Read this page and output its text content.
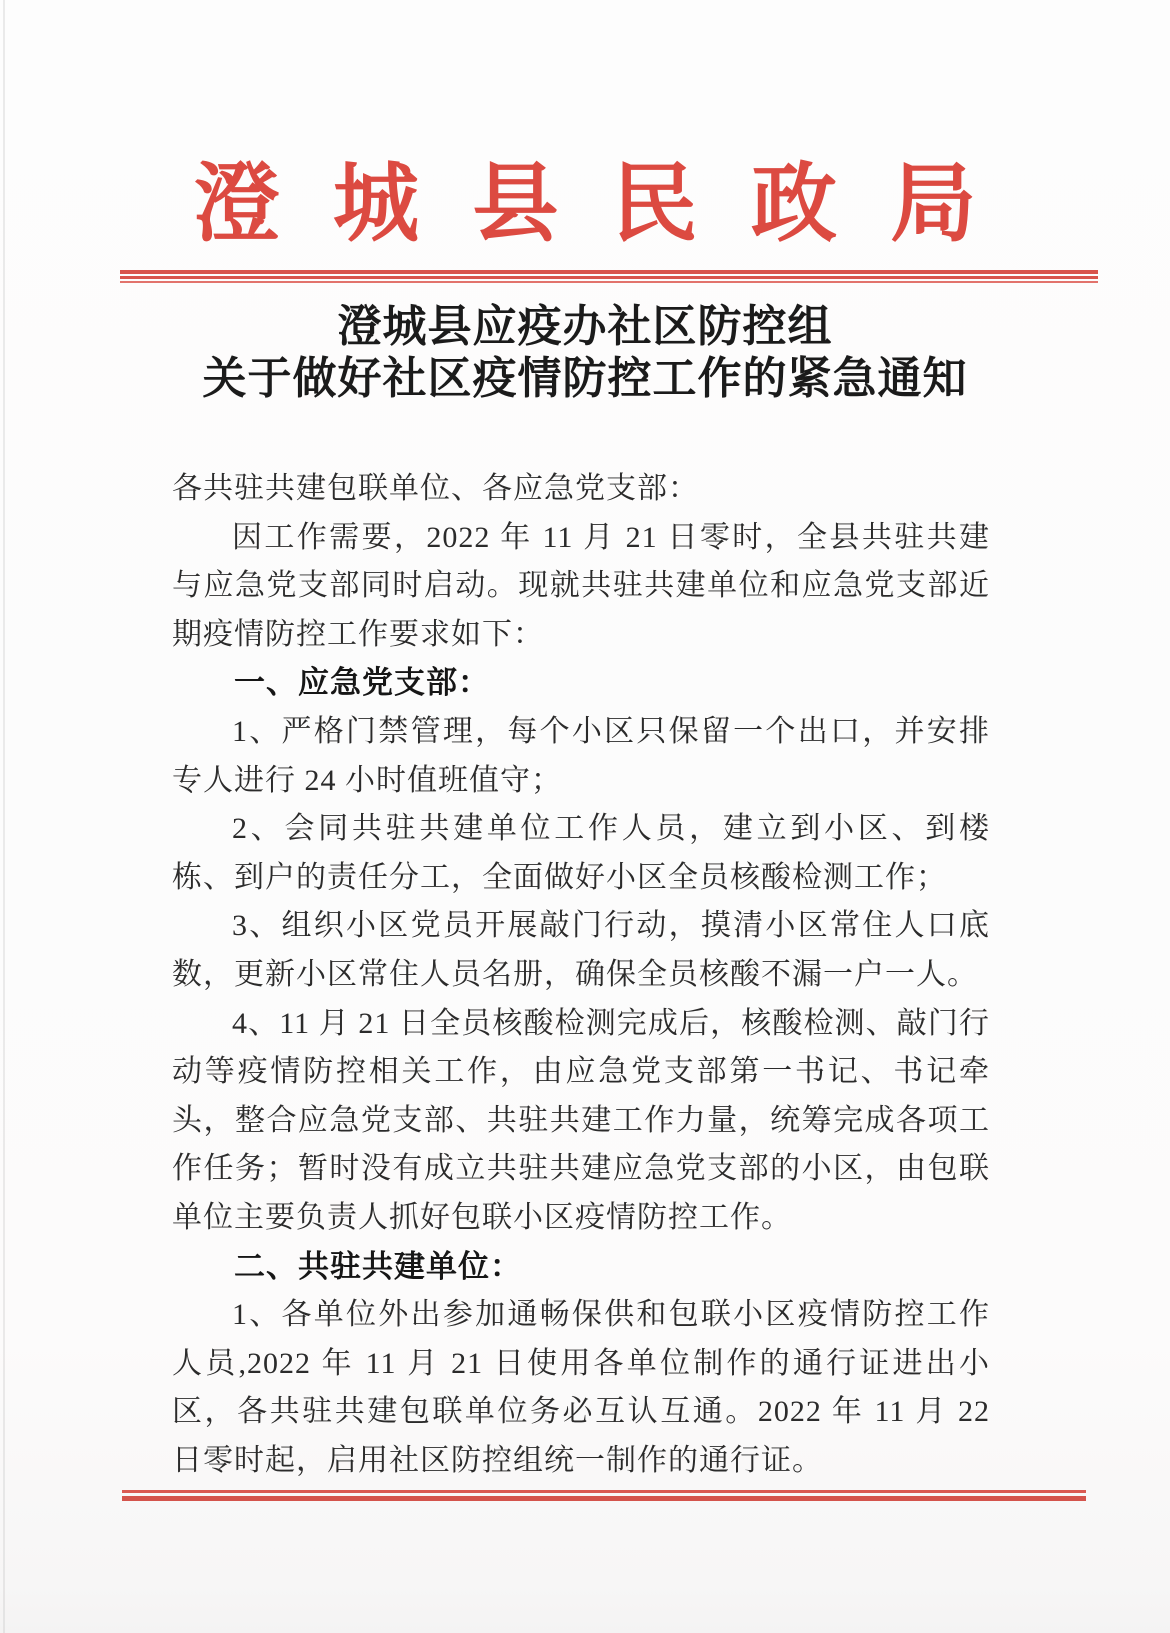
澄城县民政局
澄城县应疫办社区防控组
关于做好社区疫情防控工作的紧急通知

各共驻共建包联单位、各应急党支部：

因工作需要，2022 年 11 月 21 日零时，全县共驻共建与应急党支部同时启动。现就共驻共建单位和应急党支部近期疫情防控工作要求如下：

一、应急党支部：

1、严格门禁管理，每个小区只保留一个出口，并安排专人进行 24 小时值班值守；

2、会同共驻共建单位工作人员，建立到小区、到楼栋、到户的责任分工，全面做好小区全员核酸检测工作；

3、组织小区党员开展敲门行动，摸清小区常住人口底数，更新小区常住人员名册，确保全员核酸不漏一户一人。

4、11 月 21 日全员核酸检测完成后，核酸检测、敲门行动等疫情防控相关工作，由应急党支部第一书记、书记牵头，整合应急党支部、共驻共建工作力量，统筹完成各项工作任务；暂时没有成立共驻共建应急党支部的小区，由包联单位主要负责人抓好包联小区疫情防控工作。

二、共驻共建单位：

1、各单位外出参加通畅保供和包联小区疫情防控工作人员,2022 年 11 月 21 日使用各单位制作的通行证进出小区，各共驻共建包联单位务必互认互通。2022 年 11 月 22 日零时起，启用社区防控组统一制作的通行证。
